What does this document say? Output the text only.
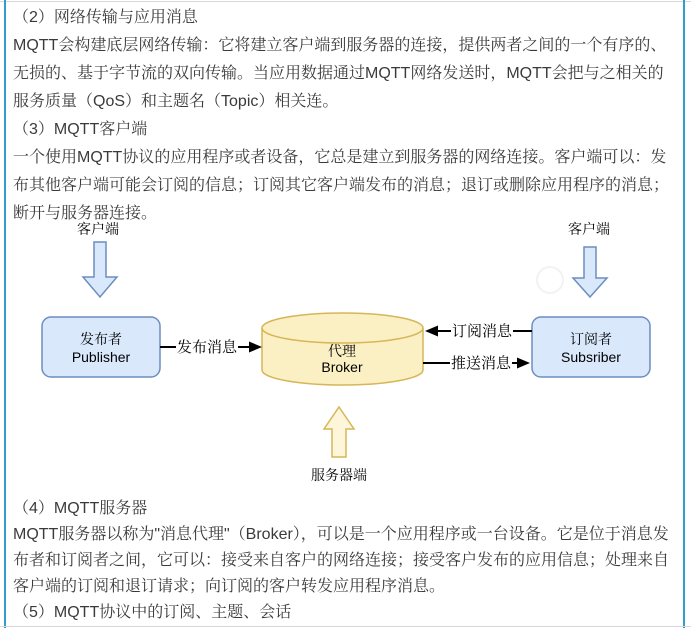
（2）网络传输与应用消息
MQTT会构建底层网络传输：它将建立客户端到服务器的连接，提供两者之间的一个有序的、无损的、基于字节流的双向传输。当应用数据通过MQTT网络发送时，MQTT会把与之相关的服务质量（QoS）和主题名（Topic）相关连。
（3）MQTT客户端
一个使用MQTT协议的应用程序或者设备，它总是建立到服务器的网络连接。客户端可以：发布其他客户端可能会订阅的信息；订阅其它客户端发布的消息；退订或删除应用程序的消息；断开与服务器连接。
客户端	客户端
发布者
Publisher
订阅者
Subsriber
代理
Broker
发布消息
订阅消息
推送消息
服务器端
（4）MQTT服务器
MQTT服务器以称为"消息代理"（Broker），可以是一个应用程序或一台设备。它是位于消息发布者和订阅者之间，它可以：接受来自客户的网络连接；接受客户发布的应用信息；处理来自客户端的订阅和退订请求；向订阅的客户转发应用程序消息。
（5）MQTT协议中的订阅、主题、会话
